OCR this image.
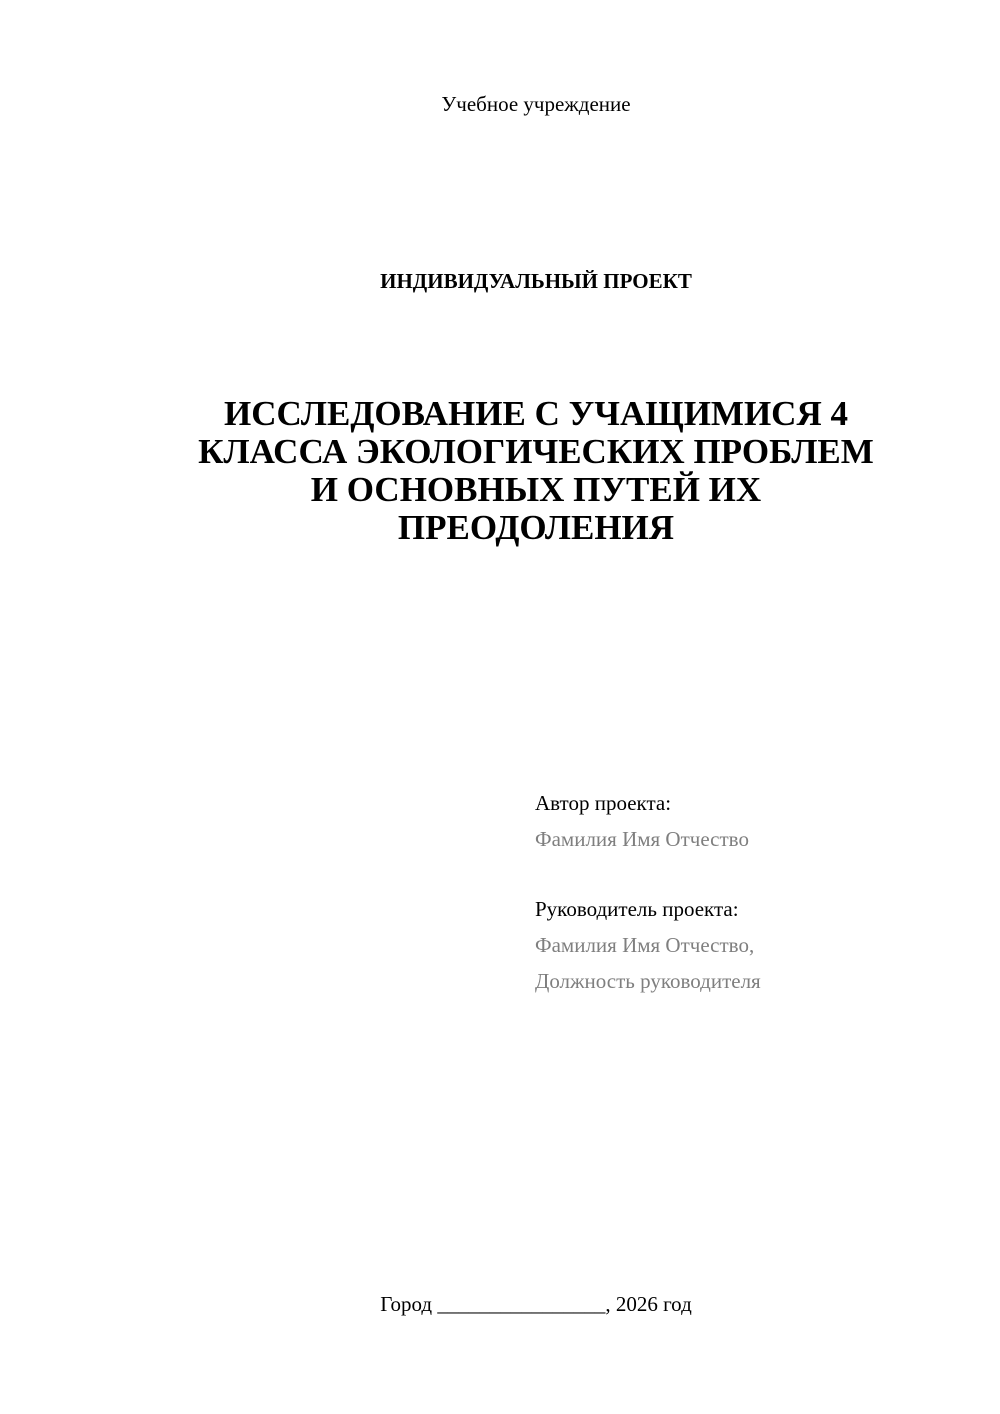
Учебное учреждение
ИНДИВИДУАЛЬНЫЙ ПРОЕКТ
ИССЛЕДОВАНИЕ С УЧАЩИМИСЯ 4
КЛАССА ЭКОЛОГИЧЕСКИХ ПРОБЛЕМ
И ОСНОВНЫХ ПУТЕЙ ИХ
ПРЕОДОЛЕНИЯ
Автор проекта:
Фамилия Имя Отчество
Руководитель проекта:
Фамилия Имя Отчество,
Должность руководителя
Город ________________, 2026 год
